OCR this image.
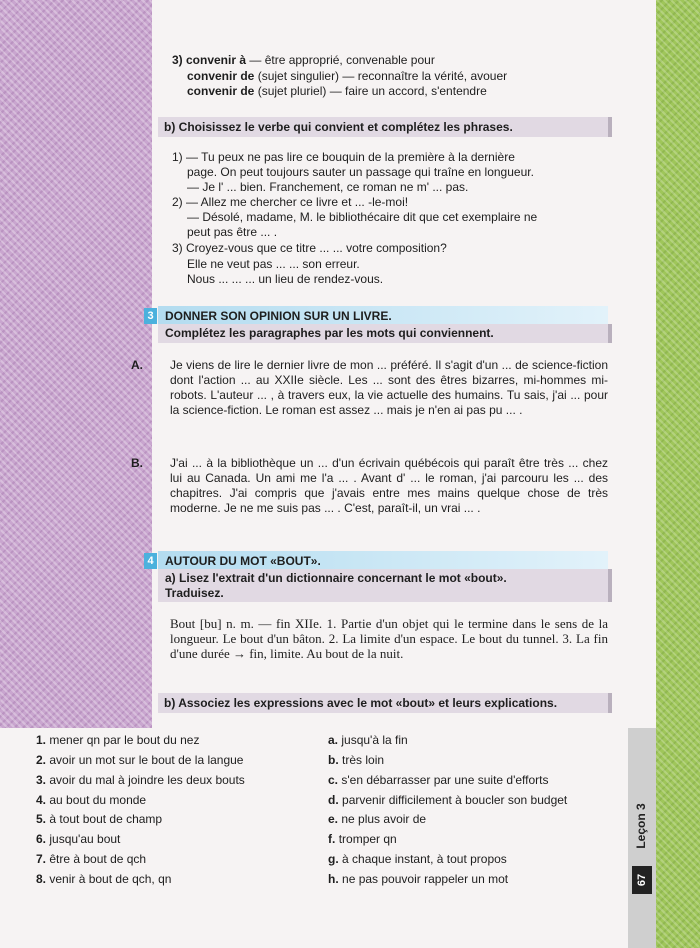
Leçon 3
67
3) convenir à — être approprié, convenable pour
convenir de (sujet singulier) — reconnaître la vérité, avouer
convenir de (sujet pluriel) — faire un accord, s'entendre
b) Choisissez le verbe qui convient et complétez les phrases.
1) — Tu peux ne pas lire ce bouquin de la première à la dernière
page. On peut toujours sauter un passage qui traîne en longueur.
— Je l' ... bien. Franchement, ce roman ne m' ... pas.
2) — Allez me chercher ce livre et ... -le-moi!
— Désolé, madame, M. le bibliothécaire dit que cet exemplaire ne
peut pas être ... .
3) Croyez-vous que ce titre ... ... votre composition?
Elle ne veut pas ... ... son erreur.
Nous ... ... ... un lieu de rendez-vous.
3 DONNER SON OPINION SUR UN LIVRE.
Complétez les paragraphes par les mots qui conviennent.
A. Je viens de lire le dernier livre de mon ... préféré. Il s'agit d'un ... de science-fiction dont l'action ... au XXIIe siècle. Les ... sont des êtres bizarres, mi-hommes mi-robots. L'auteur ... , à travers eux, la vie actuelle des humains. Tu sais, j'ai ... pour la science-fiction. Le roman est assez ... mais je n'en ai pas pu ... .
B. J'ai ... à la bibliothèque un ... d'un écrivain québécois qui paraît être très ... chez lui au Canada. Un ami me l'a ... . Avant d' ... le roman, j'ai parcouru les ... des chapitres. J'ai compris que j'avais entre mes mains quelque chose de très moderne. Je ne me suis pas ... . C'est, paraît-il, un vrai ... .
4 AUTOUR DU MOT «BOUT».
a) Lisez l'extrait d'un dictionnaire concernant le mot «bout».
Traduisez.
Bout [bu] n. m. — fin XIIe. 1. Partie d'un objet qui le termine dans le sens de la longueur. Le bout d'un bâton. 2. La limite d'un espace. Le bout du tunnel. 3. La fin d'une durée → fin, limite. Au bout de la nuit.
b) Associez les expressions avec le mot «bout» et leurs explications.
1. mener qn par le bout du nez
2. avoir un mot sur le bout de la langue
3. avoir du mal à joindre les deux bouts
4. au bout du monde
5. à tout bout de champ
6. jusqu'au bout
7. être à bout de qch
8. venir à bout de qch, qn
a. jusqu'à la fin
b. très loin
c. s'en débarrasser par une suite d'efforts
d. parvenir difficilement à boucler son budget
e. ne plus avoir de
f. tromper qn
g. à chaque instant, à tout propos
h. ne pas pouvoir rappeler un mot
